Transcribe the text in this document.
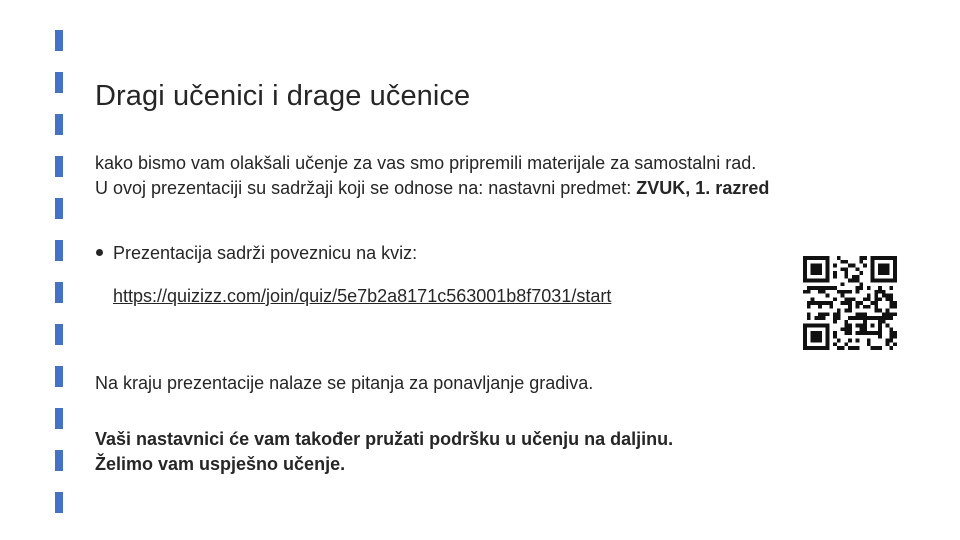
Dragi učenici i drage učenice
kako bismo vam olakšali učenje za vas smo pripremili materijale za samostalni rad.
U ovoj prezentaciji su sadržaji koji se odnose na: nastavni predmet: ZVUK, 1. razred
Prezentacija sadrži poveznicu na kviz:
https://quizizz.com/join/quiz/5e7b2a8171c563001b8f7031/start
Na kraju prezentacije nalaze se pitanja za ponavljanje gradiva.
Vaši nastavnici će vam također pružati podršku u učenju na daljinu.
Želimo vam uspješno učenje.
